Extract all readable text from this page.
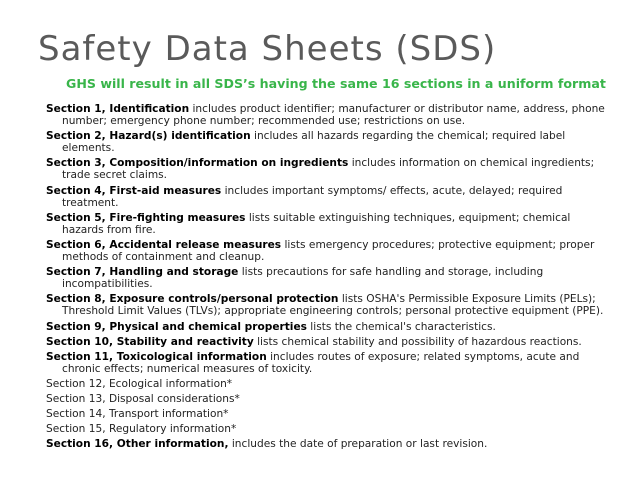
Safety Data Sheets (SDS)
GHS will result in all SDS’s having the same 16 sections in a uniform format
Section 1, Identification includes product identifier; manufacturer or distributor name, address, phone number; emergency phone number; recommended use; restrictions on use.
Section 2, Hazard(s) identification includes all hazards regarding the chemical; required label elements.
Section 3, Composition/information on ingredients includes information on chemical ingredients; trade secret claims.
Section 4, First-aid measures includes important symptoms/ effects, acute, delayed; required treatment.
Section 5, Fire-fighting measures lists suitable extinguishing techniques, equipment; chemical hazards from fire.
Section 6, Accidental release measures lists emergency procedures; protective equipment; proper methods of containment and cleanup.
Section 7, Handling and storage lists precautions for safe handling and storage, including incompatibilities.
Section 8, Exposure controls/personal protection lists OSHA's Permissible Exposure Limits (PELs); Threshold Limit Values (TLVs); appropriate engineering controls; personal protective equipment (PPE).
Section 9, Physical and chemical properties lists the chemical's characteristics.
Section 10, Stability and reactivity lists chemical stability and possibility of hazardous reactions.
Section 11, Toxicological information includes routes of exposure; related symptoms, acute and chronic effects; numerical measures of toxicity.
Section 12, Ecological information*
Section 13, Disposal considerations*
Section 14, Transport information*
Section 15, Regulatory information*
Section 16, Other information, includes the date of preparation or last revision.
